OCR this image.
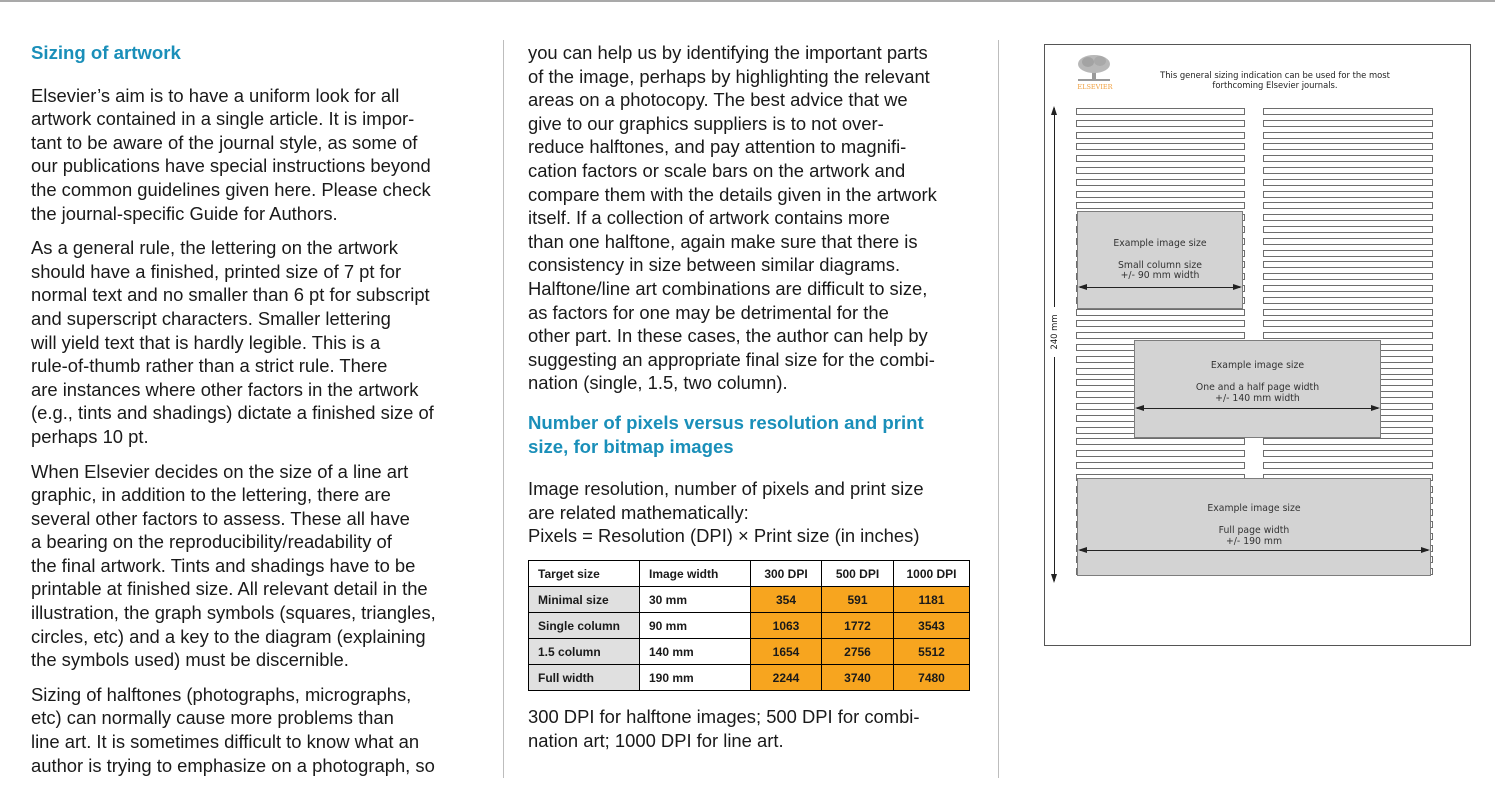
Sizing of artwork

Elsevier’s aim is to have a uniform look for all
artwork contained in a single article. It is impor-
tant to be aware of the journal style, as some of
our publications have special instructions beyond
the common guidelines given here. Please check
the journal-specific Guide for Authors.

As a general rule, the lettering on the artwork
should have a finished, printed size of 7 pt for
normal text and no smaller than 6 pt for subscript
and superscript characters. Smaller lettering
will yield text that is hardly legible. This is a
rule-of-thumb rather than a strict rule. There
are instances where other factors in the artwork
(e.g., tints and shadings) dictate a finished size of
perhaps 10 pt.

When Elsevier decides on the size of a line art
graphic, in addition to the lettering, there are
several other factors to assess. These all have
a bearing on the reproducibility/readability of
the final artwork. Tints and shadings have to be
printable at finished size. All relevant detail in the
illustration, the graph symbols (squares, triangles,
circles, etc) and a key to the diagram (explaining
the symbols used) must be discernible.

Sizing of halftones (photographs, micrographs,
etc) can normally cause more problems than
line art. It is sometimes difficult to know what an
author is trying to emphasize on a photograph, so

you can help us by identifying the important parts
of the image, perhaps by highlighting the relevant
areas on a photocopy. The best advice that we
give to our graphics suppliers is to not over-
reduce halftones, and pay attention to magnifi-
cation factors or scale bars on the artwork and
compare them with the details given in the artwork
itself. If a collection of artwork contains more
than one halftone, again make sure that there is
consistency in size between similar diagrams.
Halftone/line art combinations are difficult to size,
as factors for one may be detrimental for the
other part. In these cases, the author can help by
suggesting an appropriate final size for the combi-
nation (single, 1.5, two column).

Number of pixels versus resolution and print
size, for bitmap images

Image resolution, number of pixels and print size
are related mathematically:
Pixels = Resolution (DPI) × Print size (in inches)

Target size	Image width	300 DPI	500 DPI	1000 DPI
Minimal size	30 mm	354	591	1181
Single column	90 mm	1063	1772	3543
1.5 column	140 mm	1654	2756	5512
Full width	190 mm	2244	3740	7480

300 DPI for halftone images; 500 DPI for combi-
nation art; 1000 DPI for line art.

ELSEVIER
This general sizing indication can be used for the most
forthcoming Elsevier journals.
240 mm
Example image size
Small column size
+/- 90 mm width
Example image size
One and a half page width
+/- 140 mm width
Example image size
Full page width
+/- 190 mm
